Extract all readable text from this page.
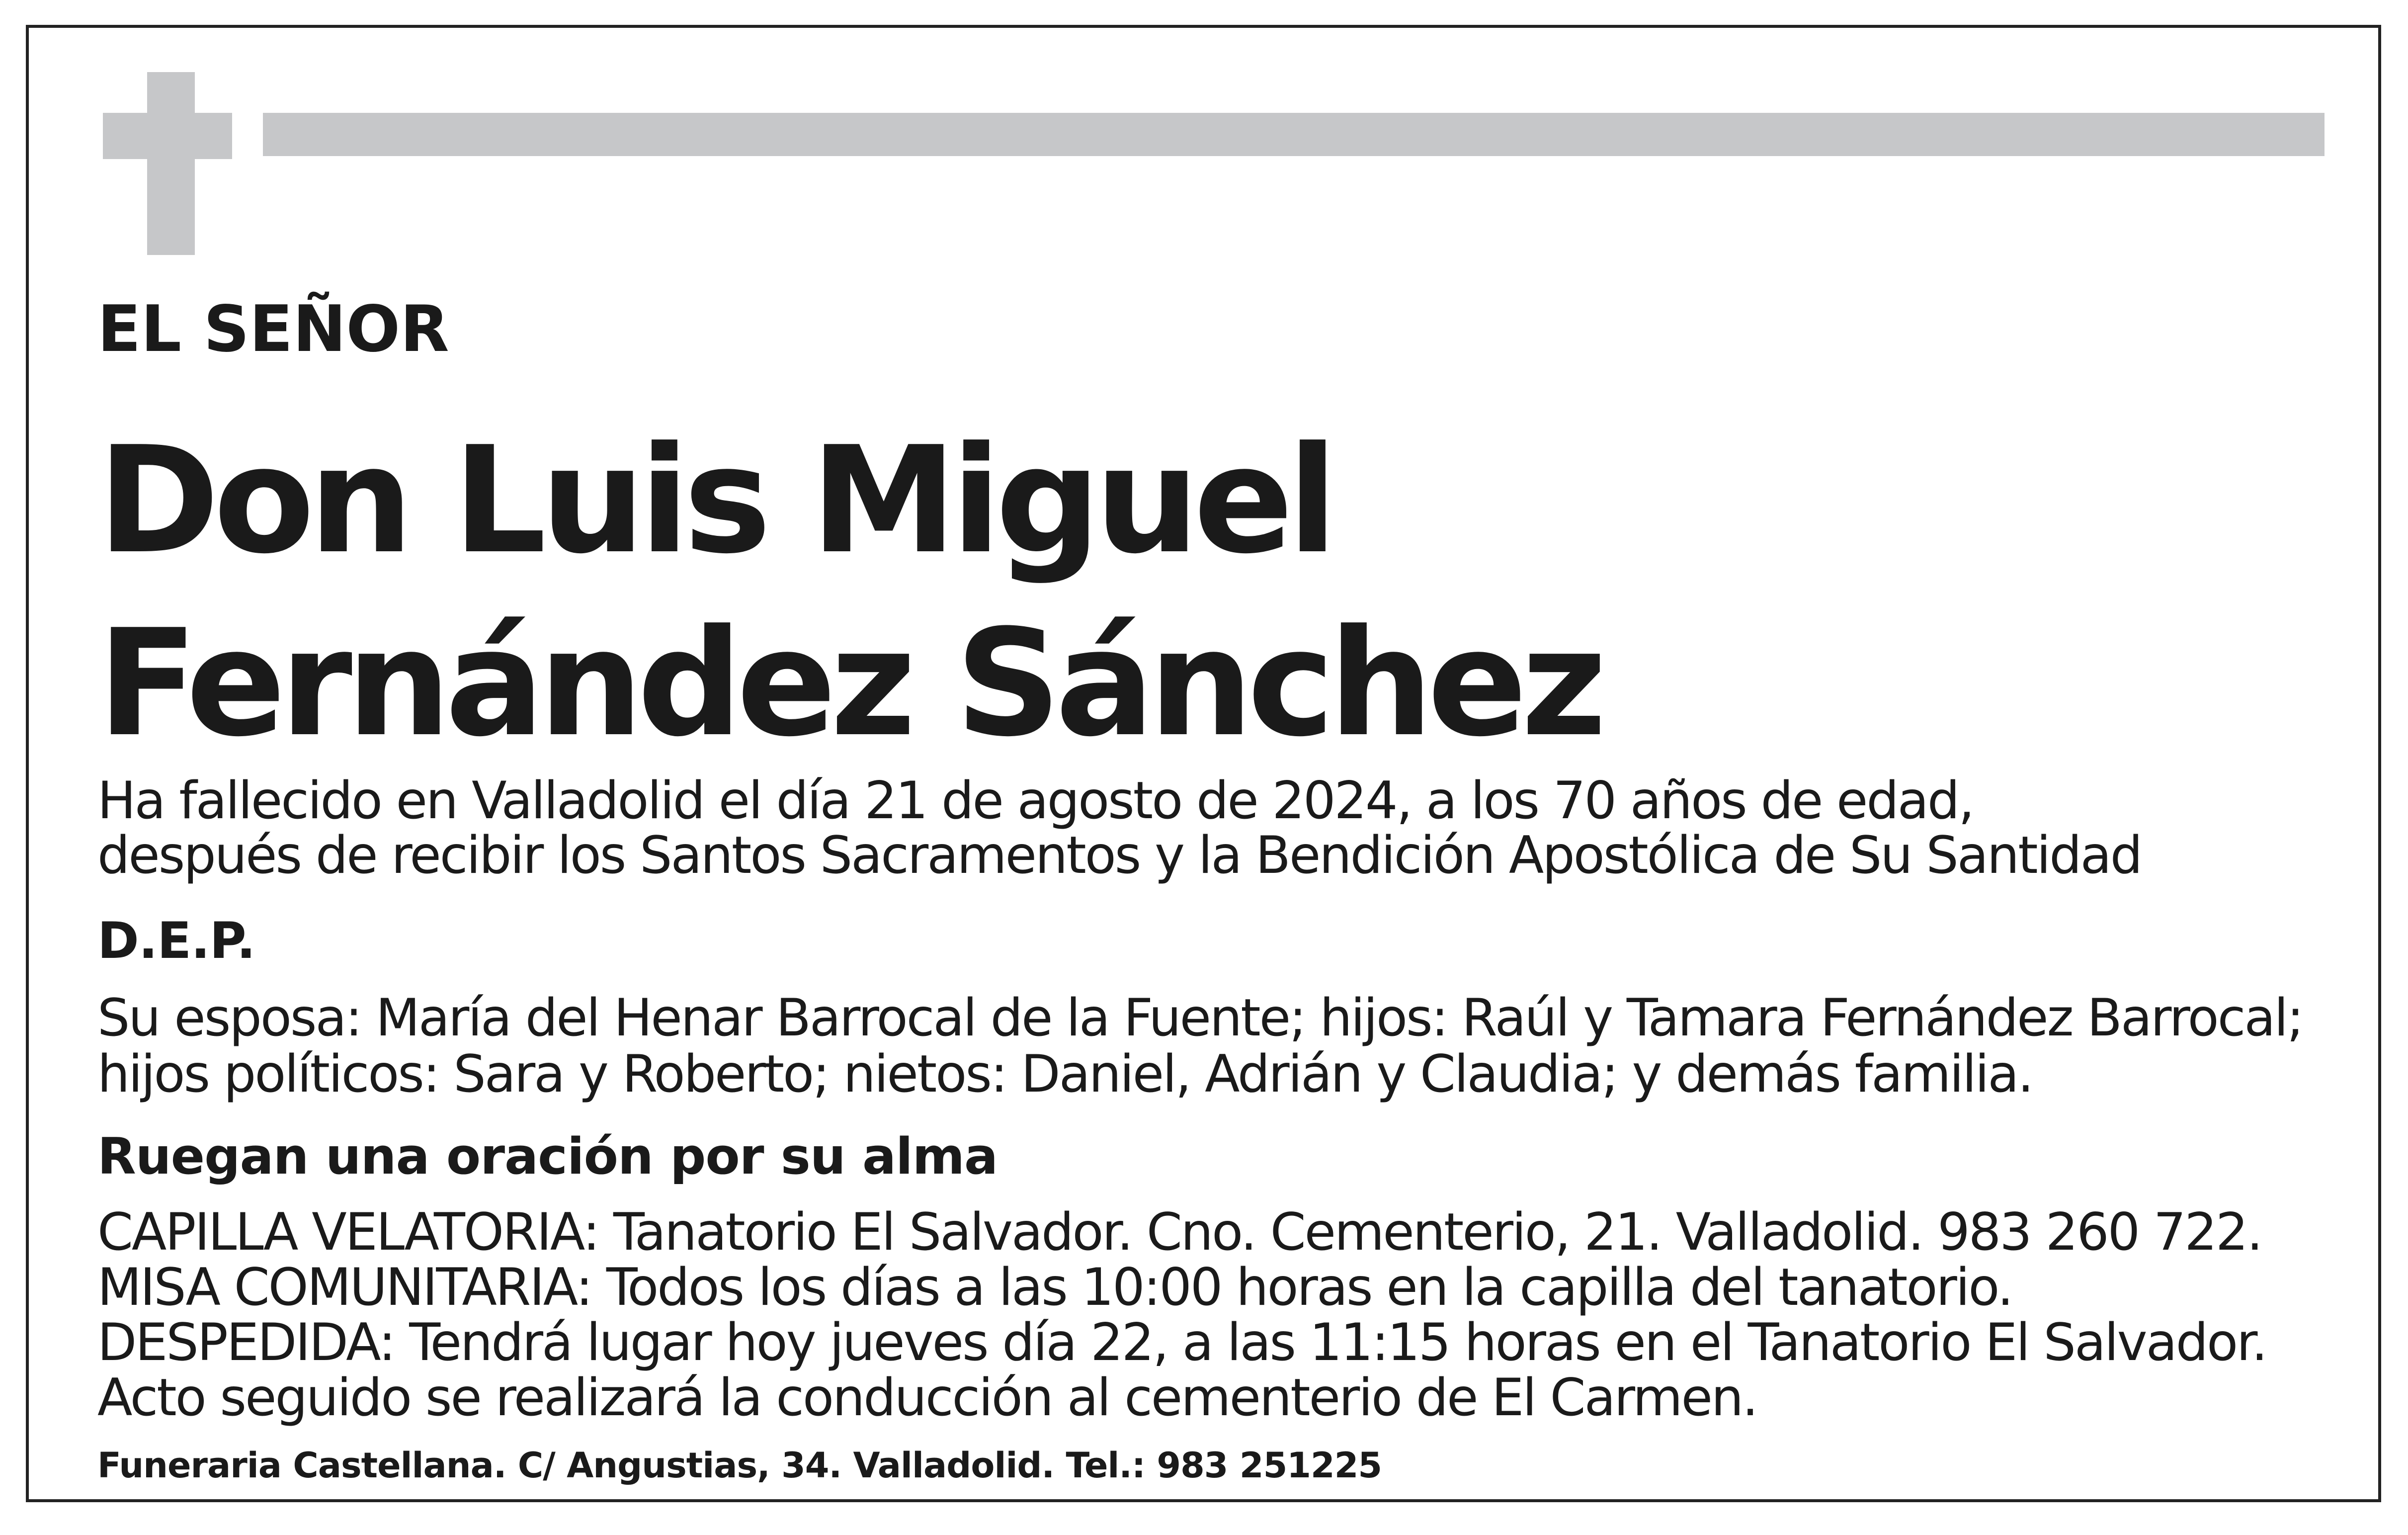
EL SEÑOR

Don Luis Miguel

Fernández Sánchez

Ha fallecido en Valladolid el día 21 de agosto de 2024, a los 70 años de edad,

después de recibir los Santos Sacramentos y la Bendición Apostólica de Su Santidad

D.E.P.

Su esposa: María del Henar Barrocal de la Fuente; hijos: Raúl y Tamara Fernández Barrocal;

hijos políticos: Sara y Roberto; nietos: Daniel, Adrián y Claudia; y demás familia.

Ruegan una oración por su alma

CAPILLA VELATORIA: Tanatorio El Salvador. Cno. Cementerio, 21. Valladolid. 983 260 722.

MISA COMUNITARIA: Todos los días a las 10:00 horas en la capilla del tanatorio.

DESPEDIDA: Tendrá lugar hoy jueves día 22, a las 11:15 horas en el Tanatorio El Salvador.

Acto seguido se realizará la conducción al cementerio de El Carmen.

Funeraria Castellana. C/ Angustias, 34. Valladolid. Tel.: 983 251225
